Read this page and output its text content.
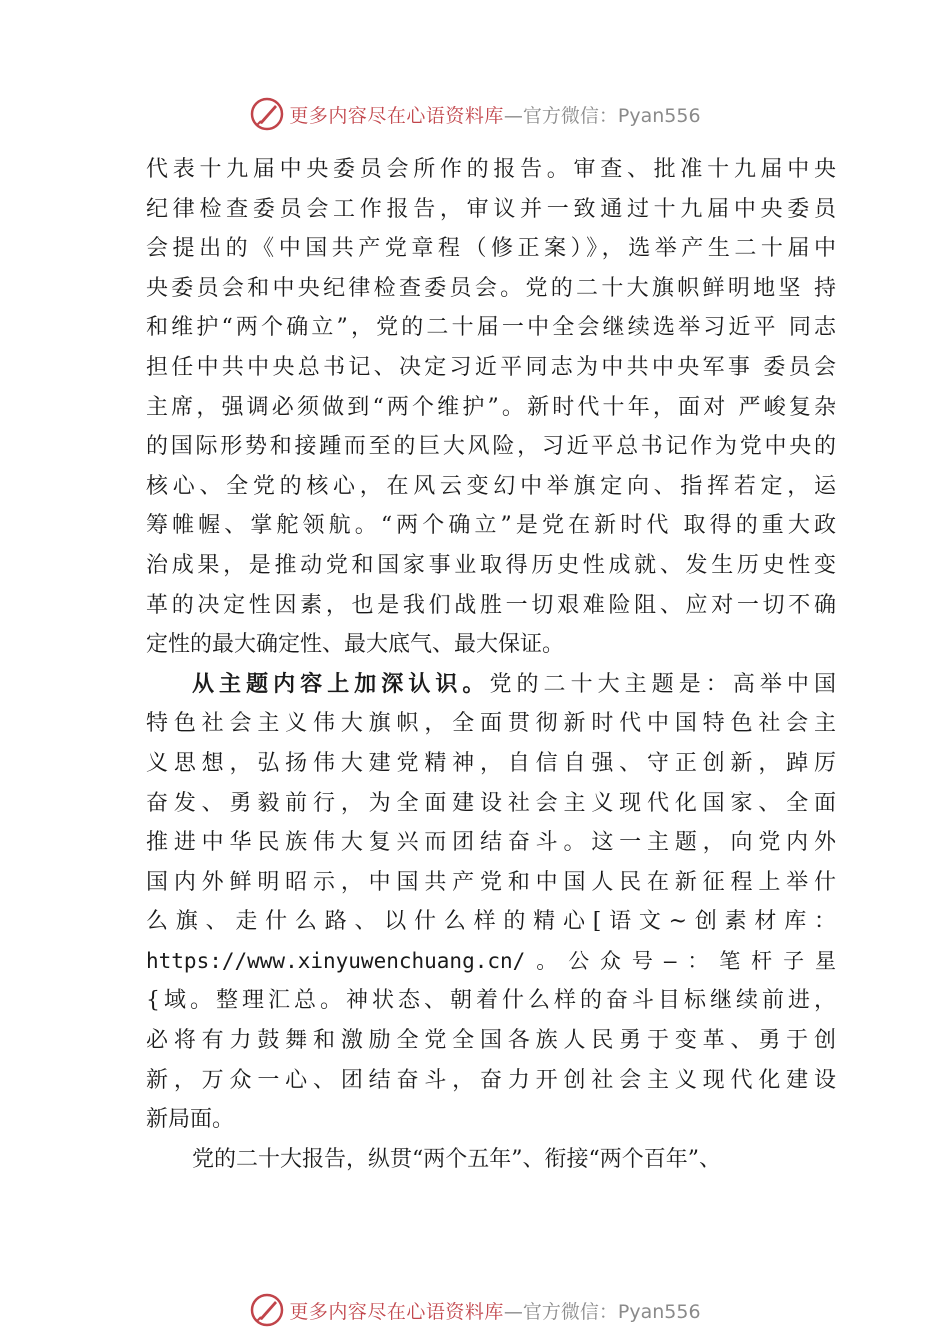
更多内容尽在心语资料库 —官方微信：Pyan556
代表十九届中央委员会所作的报告。审查、批准十九届中央
纪律检查委员会工作报告，审议并一致通过十九届中央委员
会提出的《中国共产党章程（修正案）》，选举产生二十届中
央委员会和中央纪律检查委员会。党的二十大旗帜鲜明地坚 持
和维护“两个确立”，党的二十届一中全会继续选举习近平 同志
担任中共中央总书记、决定习近平同志为中共中央军事 委员会
主席，强调必须做到“两个维护”。新时代十年，面对 严峻复杂
的国际形势和接踵而至的巨大风险，习近平总书记作为党中央的
核心、全党的核心，在风云变幻中举旗定向、指挥若定，运
筹帷幄、掌舵领航。“两个确立”是党在新时代 取得的重大政
治成果，是推动党和国家事业取得历史性成就、发生历史性变
革的决定性因素，也是我们战胜一切艰难险阻、应对一切不确
定性的最大确定性、最大底气、最大保证。
从主题内容上加深认识。党的二十大主题是：高举中国
特色社会主义伟大旗帜，全面贯彻新时代中国特色社会主
义思想，弘扬伟大建党精神，自信自强、守正创新，踔厉
奋发、勇毅前行，为全面建设社会主义现代化国家、全面
推进中华民族伟大复兴而团结奋斗。这一主题，向党内外
国内外鲜明昭示，中国共产党和中国人民在新征程上举什
么旗、走什么路、以什么样的精心[语文~创素材库：
https://www.xinyuwenchuang.cn/。公众号—：笔杆子星
{域。整理汇总。神状态、朝着什么样的奋斗目标继续前进，
必将有力鼓舞和激励全党全国各族人民勇于变革、勇于创
新，万众一心、团结奋斗，奋力开创社会主义现代化建设
新局面。
党的二十大报告，纵贯“两个五年”、衔接“两个百年”、
更多内容尽在心语资料库 —官方微信：Pyan556
